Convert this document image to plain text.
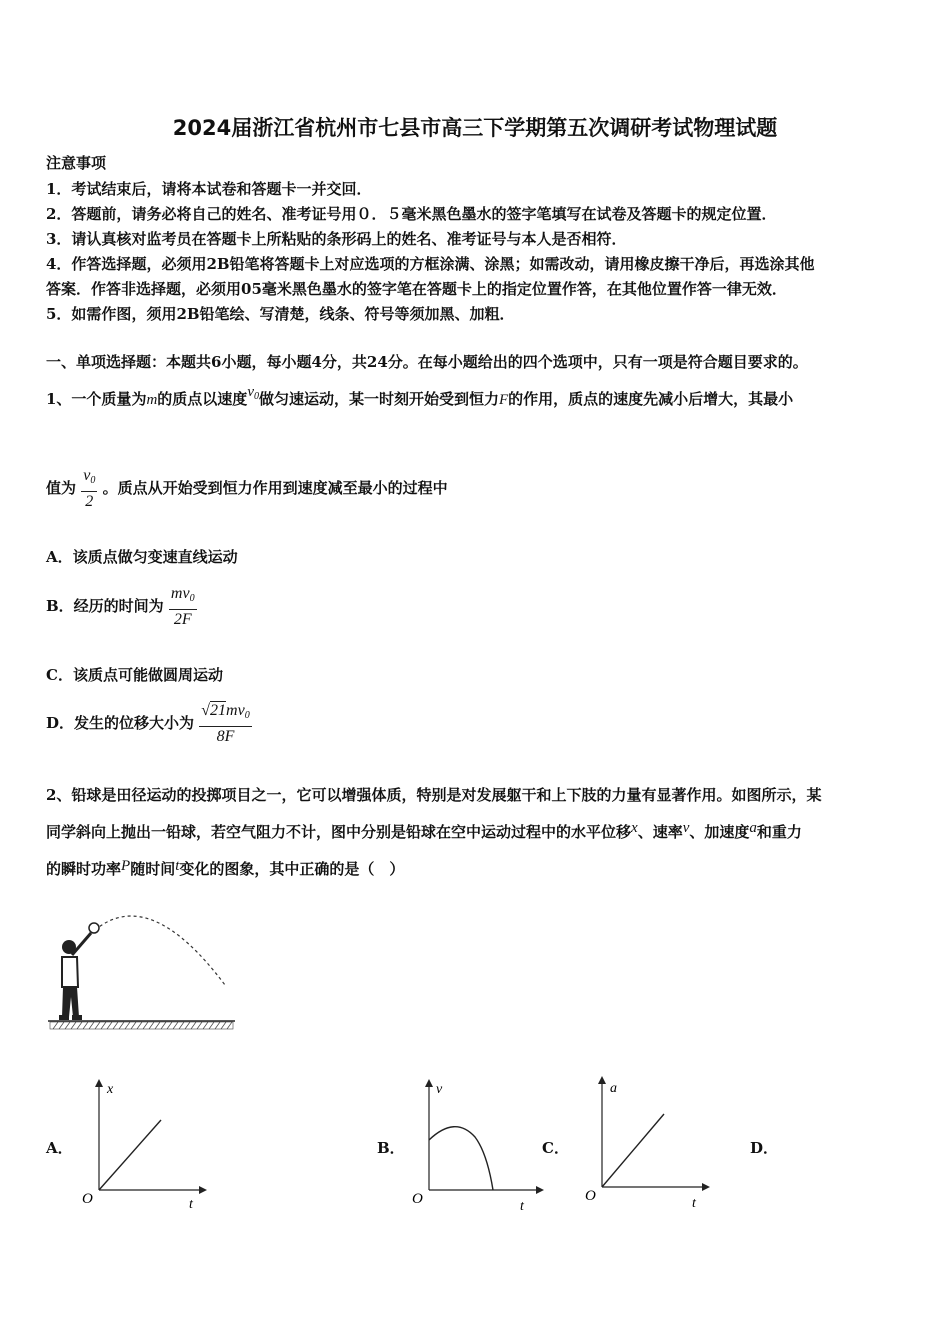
2024届浙江省杭州市七县市高三下学期第五次调研考试物理试题
注意事项
1．考试结束后，请将本试卷和答题卡一并交回．
2．答题前，请务必将自己的姓名、准考证号用０．５毫米黑色墨水的签字笔填写在试卷及答题卡的规定位置．
3．请认真核对监考员在答题卡上所粘贴的条形码上的姓名、准考证号与本人是否相符．
4．作答选择题，必须用2B铅笔将答题卡上对应选项的方框涂满、涂黑；如需改动，请用橡皮擦干净后，再选涂其他
答案．作答非选择题，必须用05毫米黑色墨水的签字笔在答题卡上的指定位置作答，在其他位置作答一律无效．
5．如需作图，须用2B铅笔绘、写清楚，线条、符号等须加黑、加粗．
一、单项选择题：本题共6小题，每小题4分，共24分。在每小题给出的四个选项中，只有一项是符合题目要求的。
1、一个质量为m的质点以速度$v_0$做匀速运动，某一时刻开始受到恒力F的作用，质点的速度先减小后增大，其最小
值为 $\frac{v_0}{2}$ 。质点从开始受到恒力作用到速度减至最小的过程中
A．该质点做匀变速直线运动
B．经历的时间为 $\frac{mv_0}{2F}$
C．该质点可能做圆周运动
D．发生的位移大小为 $\frac{√21mv_0}{8F}$
2、铅球是田径运动的投掷项目之一，它可以增强体质，特别是对发展躯干和上下肢的力量有显著作用。如图所示，某
同学斜向上抛出一铅球，若空气阻力不计，图中分别是铅球在空中运动过程中的水平位移x、速率v、加速度a和重力
的瞬时功率P随时间t变化的图象，其中正确的是（　）
A．	B．	C．	D．
x
t
O
v
t
O
a
t
O
